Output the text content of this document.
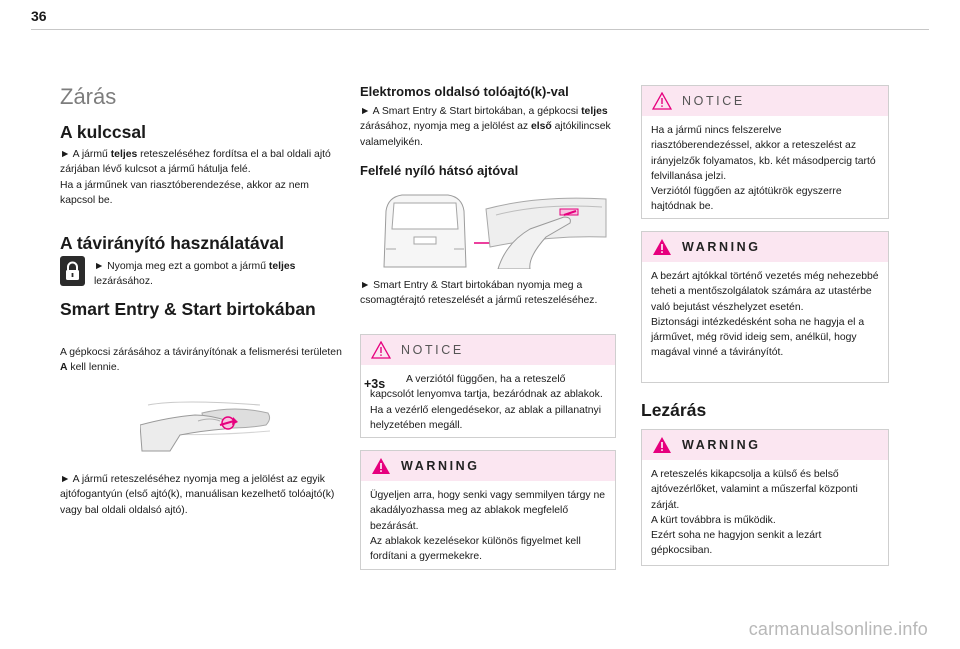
36
Zárás
A kulccsal

► A jármű teljes reteszeléséhez fordítsa el a bal oldali ajtó zárjában lévő kulcsot a jármű hátulja felé.
Ha a járműnek van riasztóberendezése, akkor az nem kapcsol be.

A távirányító használatával

► Nyomja meg ezt a gombot a jármű teljes lezárásához.

Smart Entry & Start birtokában

A gépkocsi zárásához a távirányítónak a felismerési területen A kell lennie.

► A jármű reteszeléséhez nyomja meg a jelölést az egyik ajtófogantyún (első ajtó(k), manuálisan kezelhető tolóajtó(k) vagy bal oldali oldalsó ajtó).

Elektromos oldalsó tolóajtó(k)-val

► A Smart Entry & Start birtokában, a gépkocsi teljes zárásához, nyomja meg a jelölést az első ajtókilincsek valamelyikén.

Felfelé nyíló hátsó ajtóval

► Smart Entry & Start birtokában nyomja meg a csomagtérajtó reteszelését a jármű reteszeléséhez.

NOTICE
+3s	A verziótól függően, ha a reteszelő kapcsolót lenyomva tartja, bezáródnak az ablakok. Ha a vezérlő elengedésekor, az ablak a pillanatnyi helyzetében megáll.
WARNING
Ügyeljen arra, hogy senki vagy semmilyen tárgy ne akadályozhassa meg az ablakok megfelelő bezárását.
Az ablakok kezelésekor különös figyelmet kell fordítani a gyermekekre.
NOTICE
Ha a jármű nincs felszerelve riasztóberendezéssel, akkor a reteszelést az irányjelzők folyamatos, kb. két másodpercig tartó felvillanása jelzi.
Verziótól függően az ajtótükrök egyszerre hajtódnak be.
WARNING
A bezárt ajtókkal történő vezetés még nehezebbé teheti a mentőszolgálatok számára az utastérbe való bejutást vészhelyzet esetén.
Biztonsági intézkedésként soha ne hagyja el a járművet, még rövid ideig sem, anélkül, hogy magával vinné a távirányítót.
Lezárás
WARNING
A reteszelés kikapcsolja a külső és belső ajtóvezérlőket, valamint a műszerfal központi zárját.
A kürt továbbra is működik.
Ezért soha ne hagyjon senkit a lezárt gépkocsiban.
carmanualsonline.info
